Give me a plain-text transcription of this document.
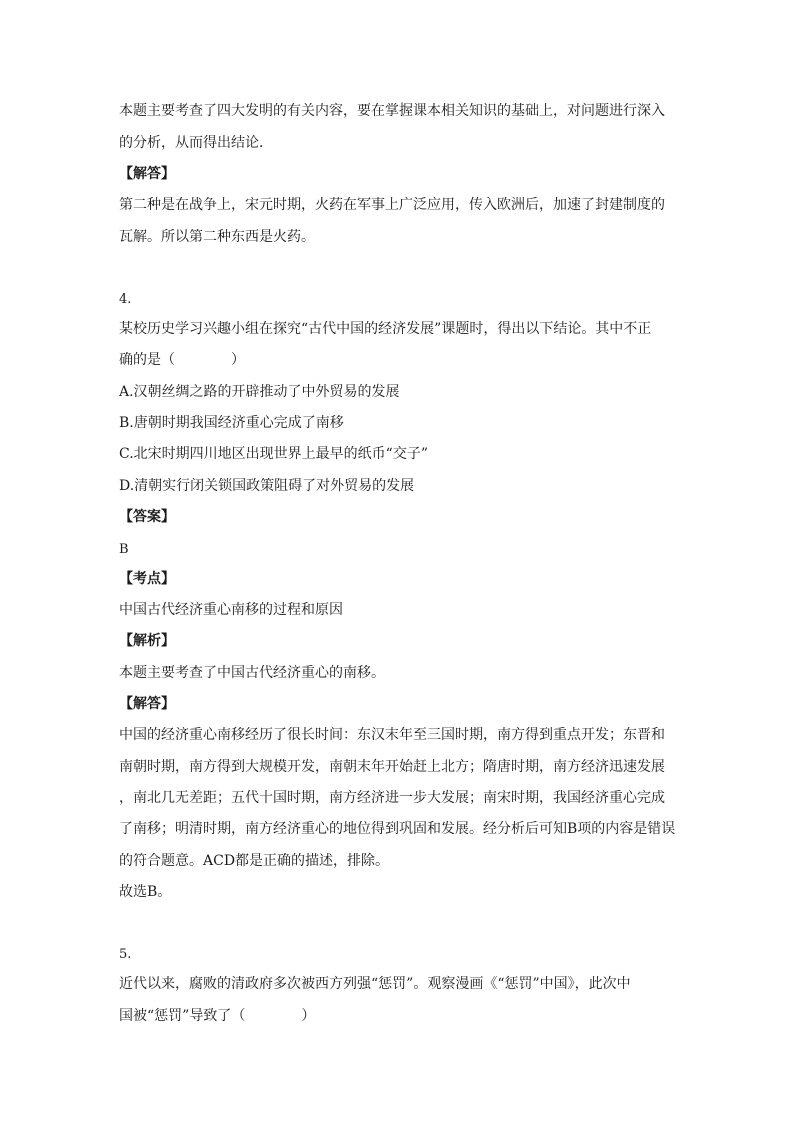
本题主要考查了四大发明的有关内容，要在掌握课本相关知识的基础上，对问题进行深入
的分析，从而得出结论.
【解答】
第二种是在战争上，宋元时期，火药在军事上广泛应用，传入欧洲后，加速了封建制度的
瓦解。所以第二种东西是火药。
4.
某校历史学习兴趣小组在探究“古代中国的经济发展”课题时，得出以下结论。其中不正
确的是（　　　　）
A.汉朝丝绸之路的开辟推动了中外贸易的发展
B.唐朝时期我国经济重心完成了南移
C.北宋时期四川地区出现世界上最早的纸币“交子”
D.清朝实行闭关锁国政策阻碍了对外贸易的发展
【答案】
B
【考点】
中国古代经济重心南移的过程和原因
【解析】
本题主要考查了中国古代经济重心的南移。
【解答】
中国的经济重心南移经历了很长时间：东汉末年至三国时期，南方得到重点开发；东晋和
南朝时期，南方得到大规模开发，南朝末年开始赶上北方；隋唐时期，南方经济迅速发展
，南北几无差距；五代十国时期，南方经济进一步大发展；南宋时期，我国经济重心完成
了南移；明清时期，南方经济重心的地位得到巩固和发展。经分析后可知B项的内容是错误
的符合题意。ACD都是正确的描述，排除。
故选B。
5.
近代以来，腐败的清政府多次被西方列强“惩罚”。观察漫画《“惩罚”中国》，此次中
国被“惩罚”导致了（　　　　）
